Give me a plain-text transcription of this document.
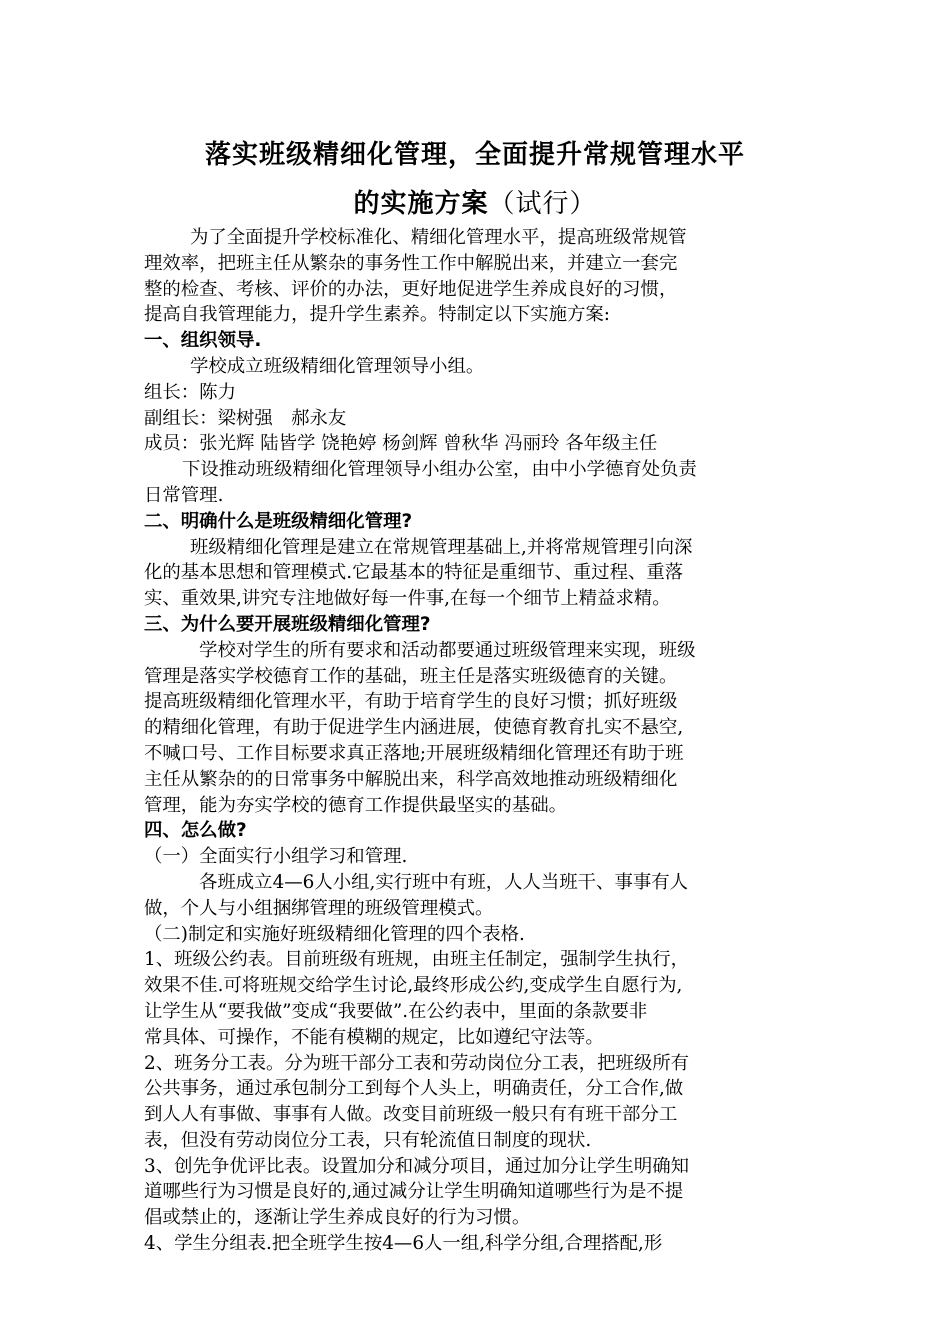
落实班级精细化管理，全面提升常规管理水平
的实施方案（试行）

为了全面提升学校标准化、精细化管理水平，提高班级常规管

理效率，把班主任从繁杂的事务性工作中解脱出来，并建立一套完

整的检查、考核、评价的办法，更好地促进学生养成良好的习惯，

提高自我管理能力，提升学生素养。特制定以下实施方案:

一、组织领导.

学校成立班级精细化管理领导小组。

组长：陈力

副组长：梁树强　郝永友

成员：张光辉 陆皆学 饶艳婷 杨剑辉 曾秋华 冯丽玲 各年级主任

下设推动班级精细化管理领导小组办公室，由中小学德育处负责

日常管理.

二、明确什么是班级精细化管理?

班级精细化管理是建立在常规管理基础上,并将常规管理引向深

化的基本思想和管理模式.它最基本的特征是重细节、重过程、重落

实、重效果,讲究专注地做好每一件事,在每一个细节上精益求精。

三、为什么要开展班级精细化管理?

学校对学生的所有要求和活动都要通过班级管理来实现，班级

管理是落实学校德育工作的基础，班主任是落实班级德育的关键。

提高班级精细化管理水平，有助于培育学生的良好习惯；抓好班级

的精细化管理，有助于促进学生内涵进展，使德育教育扎实不悬空,

不喊口号、工作目标要求真正落地;开展班级精细化管理还有助于班

主任从繁杂的的日常事务中解脱出来，科学高效地推动班级精细化

管理，能为夯实学校的德育工作提供最坚实的基础。

四、怎么做?

（一）全面实行小组学习和管理.

各班成立4—6人小组,实行班中有班，人人当班干、事事有人

做，个人与小组捆绑管理的班级管理模式。

（二)制定和实施好班级精细化管理的四个表格.

1、班级公约表。目前班级有班规，由班主任制定，强制学生执行，

效果不佳.可将班规交给学生讨论,最终形成公约,变成学生自愿行为,

让学生从“要我做”变成“我要做”.在公约表中，里面的条款要非

常具体、可操作，不能有模糊的规定，比如遵纪守法等。

2、班务分工表。分为班干部分工表和劳动岗位分工表，把班级所有

公共事务，通过承包制分工到每个人头上，明确责任，分工合作,做

到人人有事做、事事有人做。改变目前班级一般只有有班干部分工

表，但没有劳动岗位分工表，只有轮流值日制度的现状.

3、创先争优评比表。设置加分和减分项目，通过加分让学生明确知

道哪些行为习惯是良好的,通过减分让学生明确知道哪些行为是不提

倡或禁止的，逐渐让学生养成良好的行为习惯。

4、学生分组表.把全班学生按4—6人一组,科学分组,合理搭配,形
